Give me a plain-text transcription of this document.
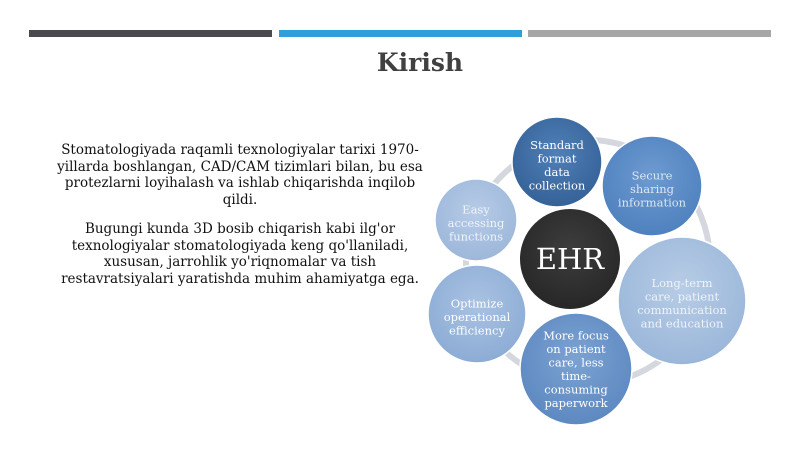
Kirish

Stomatologiyada raqamli texnologiyalar tarixi 1970-yillarda boshlangan, CAD/CAM tizimlari bilan, bu esa protezlarni loyihalash va ishlab chiqarishda inqilob qildi.

Bugungi kunda 3D bosib chiqarish kabi ilg'or texnologiyalar stomatologiyada keng qo'llaniladi, xususan, jarrohlik yo'riqnomalar va tish restavratsiyalari yaratishda muhim ahamiyatga ega.

Standard format data collection
Secure sharing information
Long-term care, patient communication and education
More focus on patient care, less time-consuming paperwork
Optimize operational efficiency
Easy accessing functions
EHR
